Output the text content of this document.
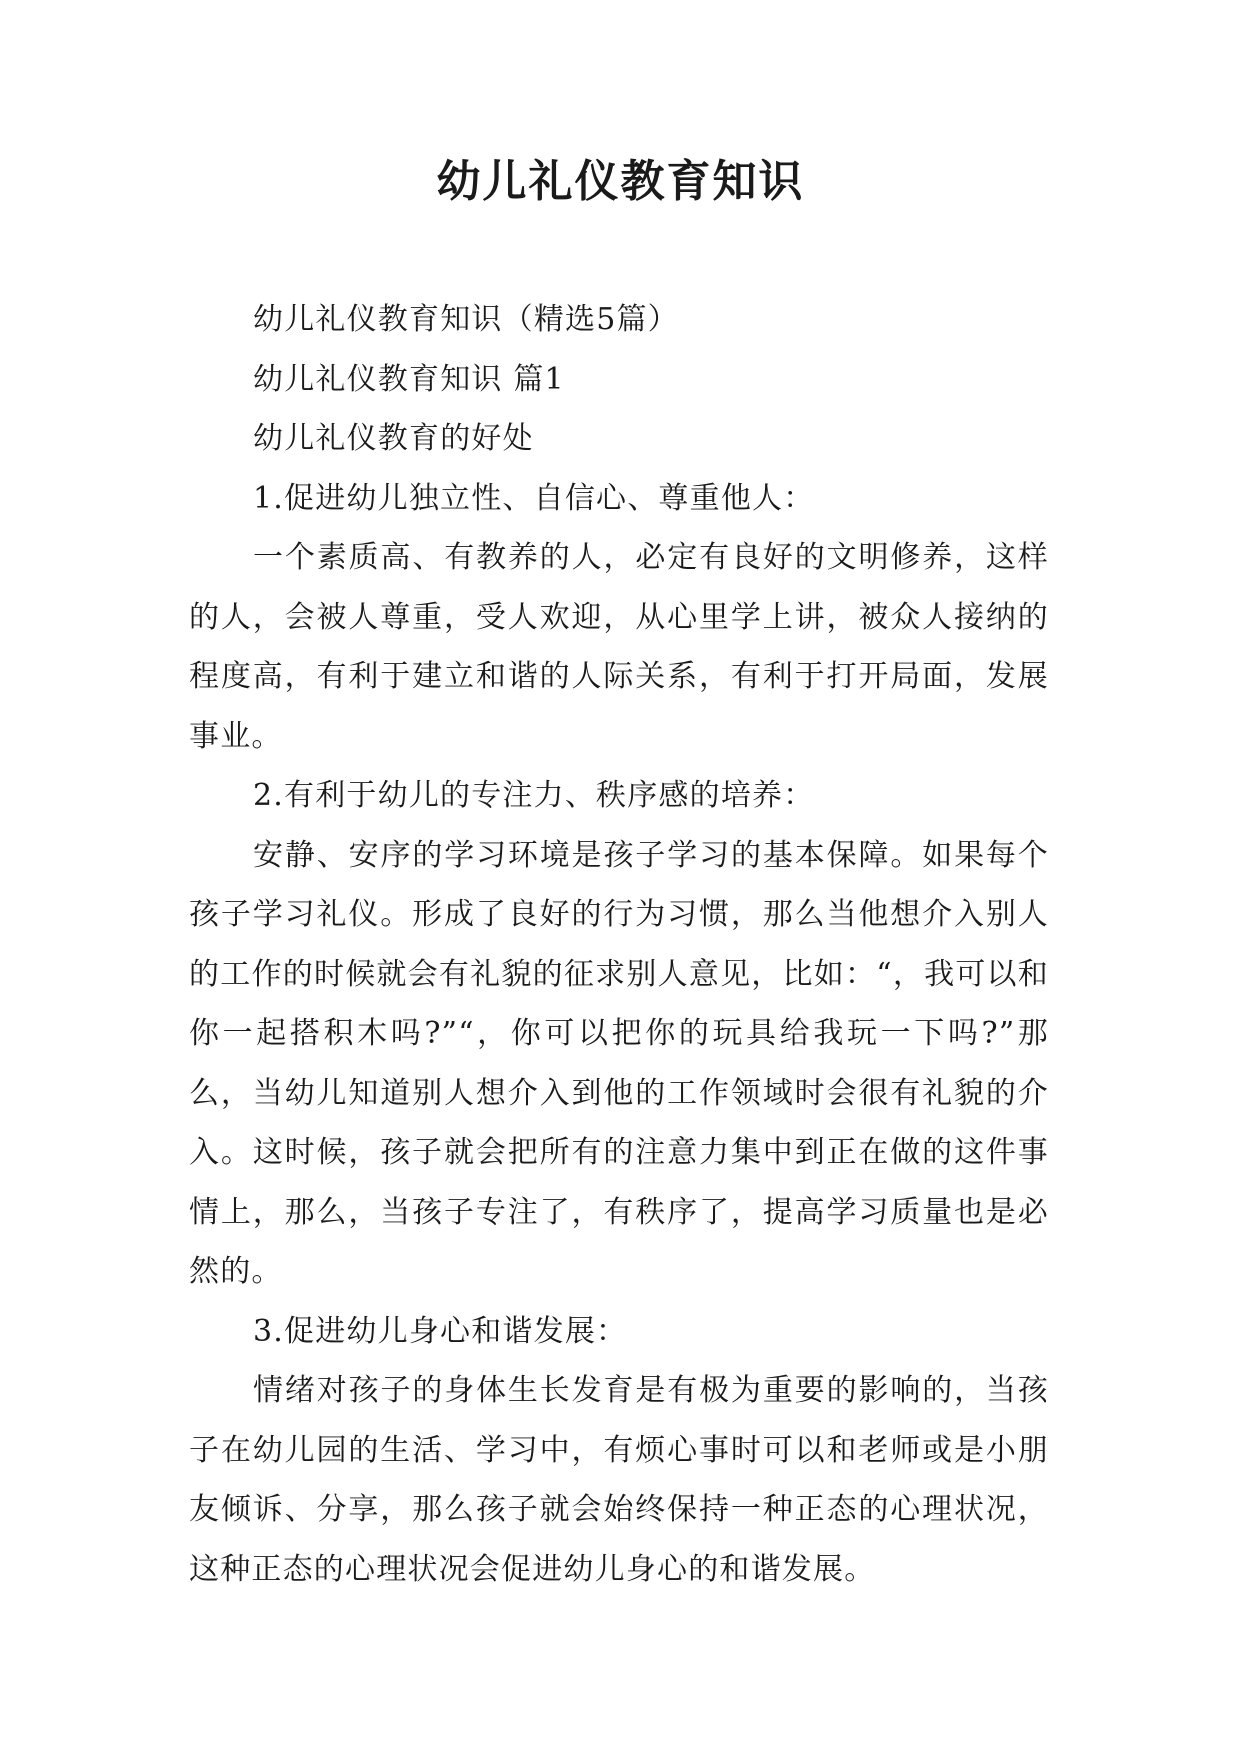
幼儿礼仪教育知识

幼儿礼仪教育知识（精选5篇）

幼儿礼仪教育知识 篇1

幼儿礼仪教育的好处

1.促进幼儿独立性、自信心、尊重他人：

一个素质高、有教养的人，必定有良好的文明修养，这样的人，会被人尊重，受人欢迎，从心里学上讲，被众人接纳的程度高，有利于建立和谐的人际关系，有利于打开局面，发展事业。

2.有利于幼儿的专注力、秩序感的培养：

安静、安序的学习环境是孩子学习的基本保障。如果每个孩子学习礼仪。形成了良好的行为习惯，那么当他想介入别人的工作的时候就会有礼貌的征求别人意见，比如：“，我可以和你一起搭积木吗?”“，你可以把你的玩具给我玩一下吗?”那么，当幼儿知道别人想介入到他的工作领域时会很有礼貌的介入。这时候，孩子就会把所有的注意力集中到正在做的这件事情上，那么，当孩子专注了，有秩序了，提高学习质量也是必然的。

3.促进幼儿身心和谐发展：

情绪对孩子的身体生长发育是有极为重要的影响的，当孩子在幼儿园的生活、学习中，有烦心事时可以和老师或是小朋友倾诉、分享，那么孩子就会始终保持一种正态的心理状况，这种正态的心理状况会促进幼儿身心的和谐发展。
